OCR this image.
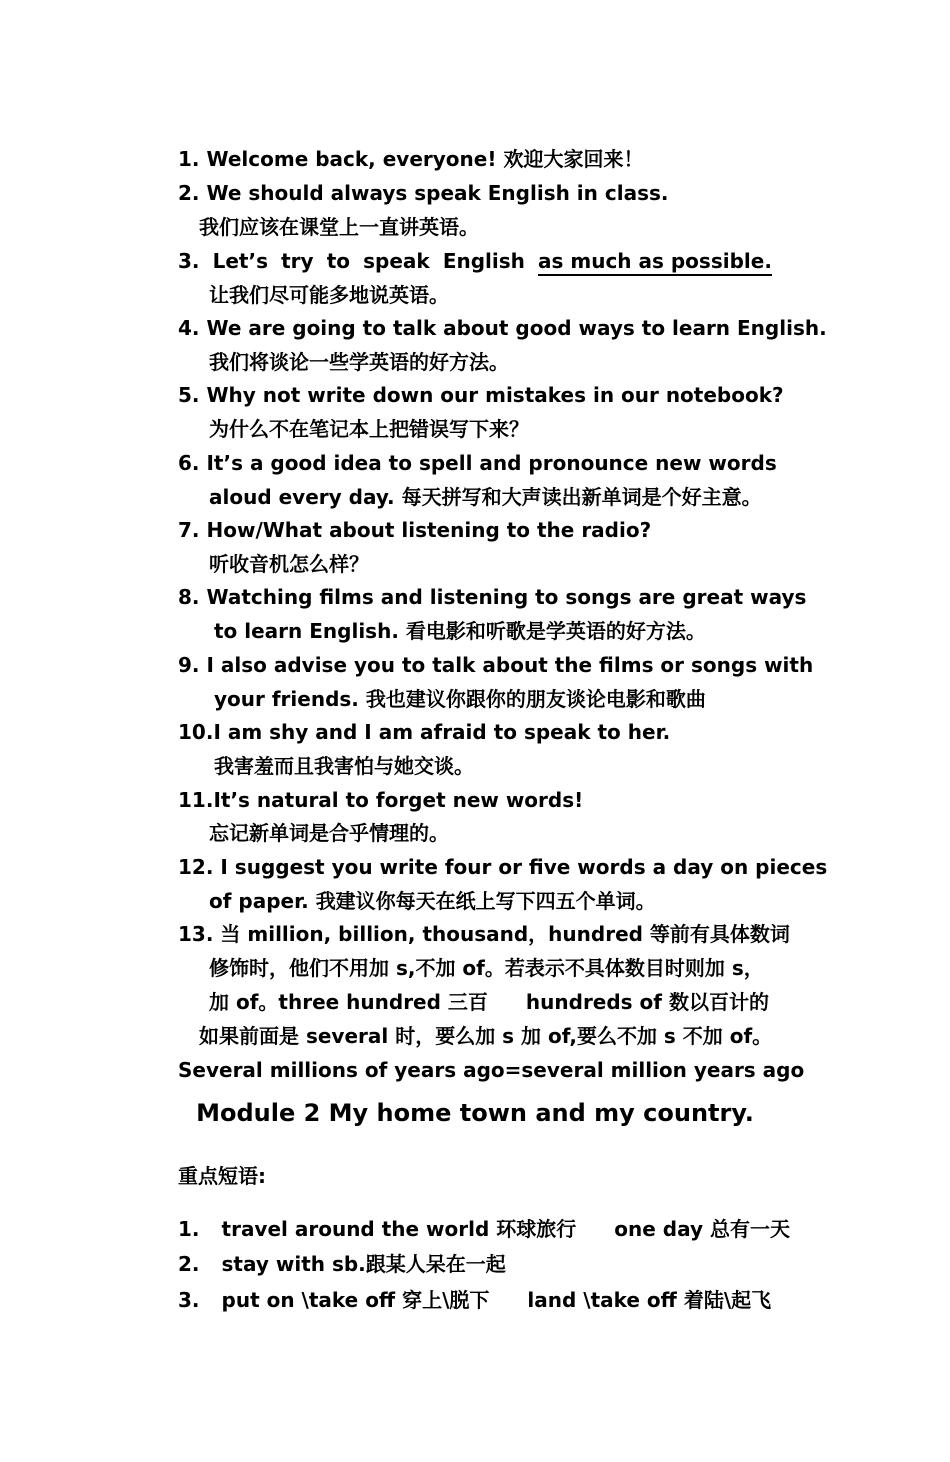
1. Welcome back, everyone! 欢迎大家回来！
2. We should always speak English in class.
我们应该在课堂上一直讲英语。
3. Let’s try to speak English as much as possible.
让我们尽可能多地说英语。
4. We are going to talk about good ways to learn English.
我们将谈论一些学英语的好方法。
5. Why not write down our mistakes in our notebook?
为什么不在笔记本上把错误写下来？
6. It’s a good idea to spell and pronounce new words
aloud every day. 每天拼写和大声读出新单词是个好主意。
7. How/What about listening to the radio?
听收音机怎么样？
8. Watching films and listening to songs are great ways
to learn English. 看电影和听歌是学英语的好方法。
9. I also advise you to talk about the films or songs with
your friends. 我也建议你跟你的朋友谈论电影和歌曲
10.I am shy and I am afraid to speak to her.
我害羞而且我害怕与她交谈。
11.It’s natural to forget new words!
忘记新单词是合乎情理的。
12. I suggest you write four or five words a day on pieces
of paper. 我建议你每天在纸上写下四五个单词。
13. 当 million, billion, thousand，hundred 等前有具体数词
修饰时，他们不用加 s,不加 of。若表示不具体数目时则加 s，
加 of。three hundred 三百 hundreds of 数以百计的
如果前面是 several 时，要么加 s 加 of,要么不加 s 不加 of。
Several millions of years ago=several million years ago
Module 2 My home town and my country.
重点短语:
1. travel around the world 环球旅行 one day 总有一天
2. stay with sb.跟某人呆在一起
3. put on \take off 穿上\脱下 land \take off 着陆\起飞
